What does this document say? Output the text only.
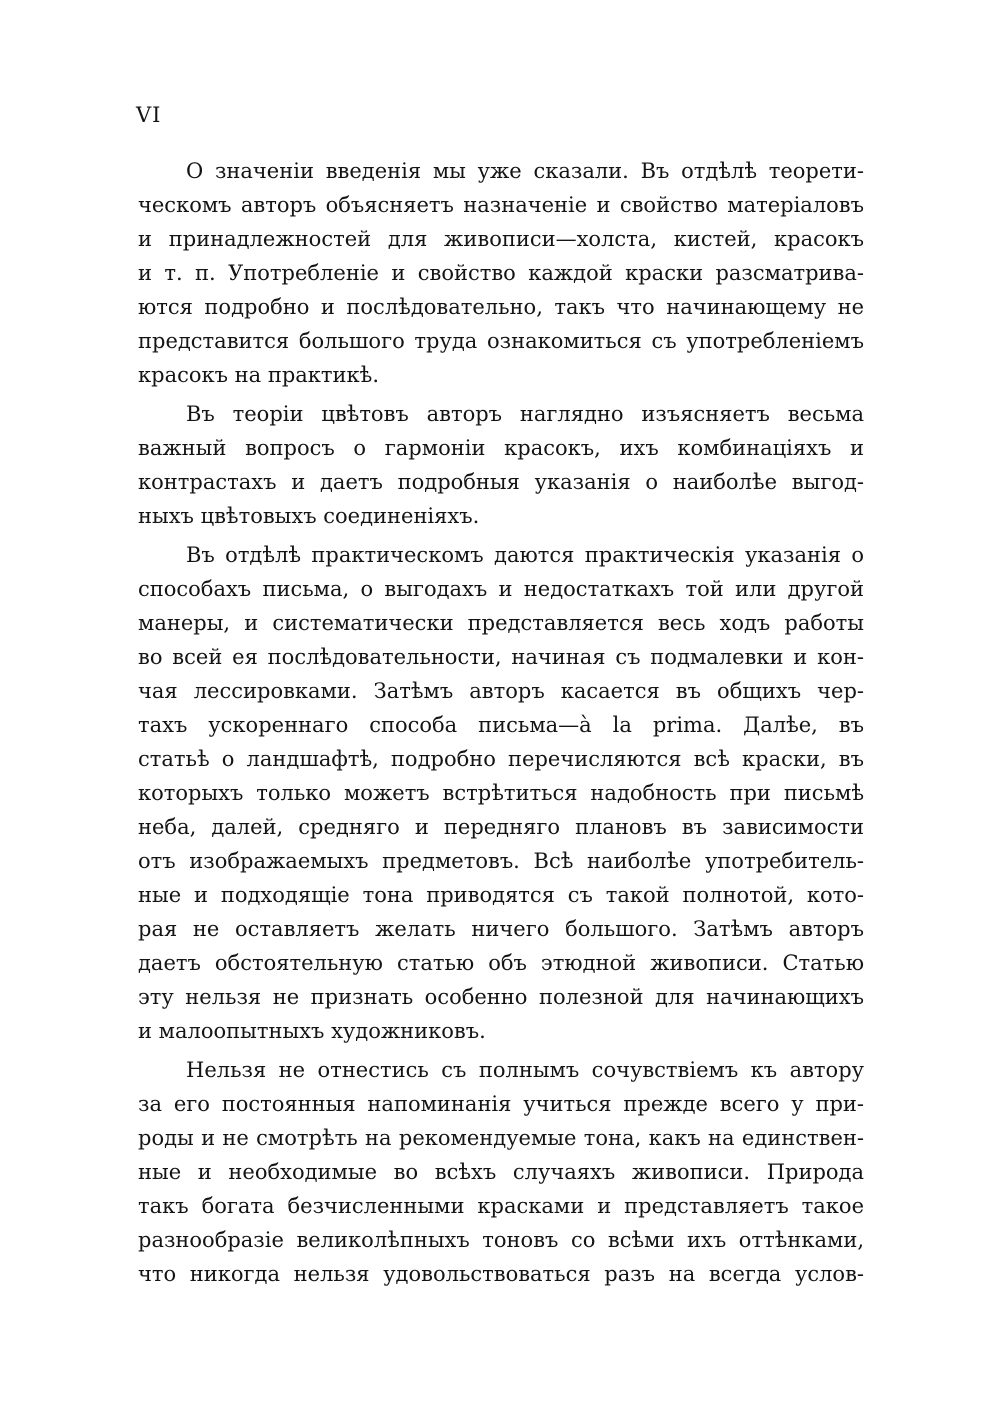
VI

О значеніи введенія мы уже сказали. Въ отдѣлѣ теорети-
ческомъ авторъ объясняетъ назначеніе и свойство матеріаловъ
и принадлежностей для живописи—холста, кистей, красокъ
и т. п. Употребленіе и свойство каждой краски разсматрива-
ются подробно и послѣдовательно, такъ что начинающему не
представится большого труда ознакомиться съ употребленіемъ
красокъ на практикѣ.

Въ теоріи цвѣтовъ авторъ наглядно изъясняетъ весьма
важный вопросъ о гармоніи красокъ, ихъ комбинаціяхъ и
контрастахъ и даетъ подробныя указанія о наиболѣе выгод-
ныхъ цвѣтовыхъ соединеніяхъ.

Въ отдѣлѣ практическомъ даются практическія указанія о
способахъ письма, о выгодахъ и недостаткахъ той или другой
манеры, и систематически представляется весь ходъ работы
во всей ея послѣдовательности, начиная съ подмалевки и кон-
чая лессировками. Затѣмъ авторъ касается въ общихъ чер-
тахъ ускореннаго способа письма—à la prima. Далѣе, въ
статьѣ о ландшафтѣ, подробно перечисляются всѣ краски, въ
которыхъ только можетъ встрѣтиться надобность при письмѣ
неба, далей, средняго и передняго плановъ въ зависимости
отъ изображаемыхъ предметовъ. Всѣ наиболѣе употребитель-
ные и подходящіе тона приводятся съ такой полнотой, кото-
рая не оставляетъ желать ничего большого. Затѣмъ авторъ
даетъ обстоятельную статью объ этюдной живописи. Статью
эту нельзя не признать особенно полезной для начинающихъ
и малоопытныхъ художниковъ.

Нельзя не отнестись съ полнымъ сочувствіемъ къ автору
за его постоянныя напоминанія учиться прежде всего у при-
роды и не смотрѣть на рекомендуемые тона, какъ на единствен-
ные и необходимые во всѣхъ случаяхъ живописи. Природа
такъ богата безчисленными красками и представляетъ такое
разнообразіе великолѣпныхъ тоновъ со всѣми ихъ оттѣнками,
что никогда нельзя удовольствоваться разъ на всегда услов-
